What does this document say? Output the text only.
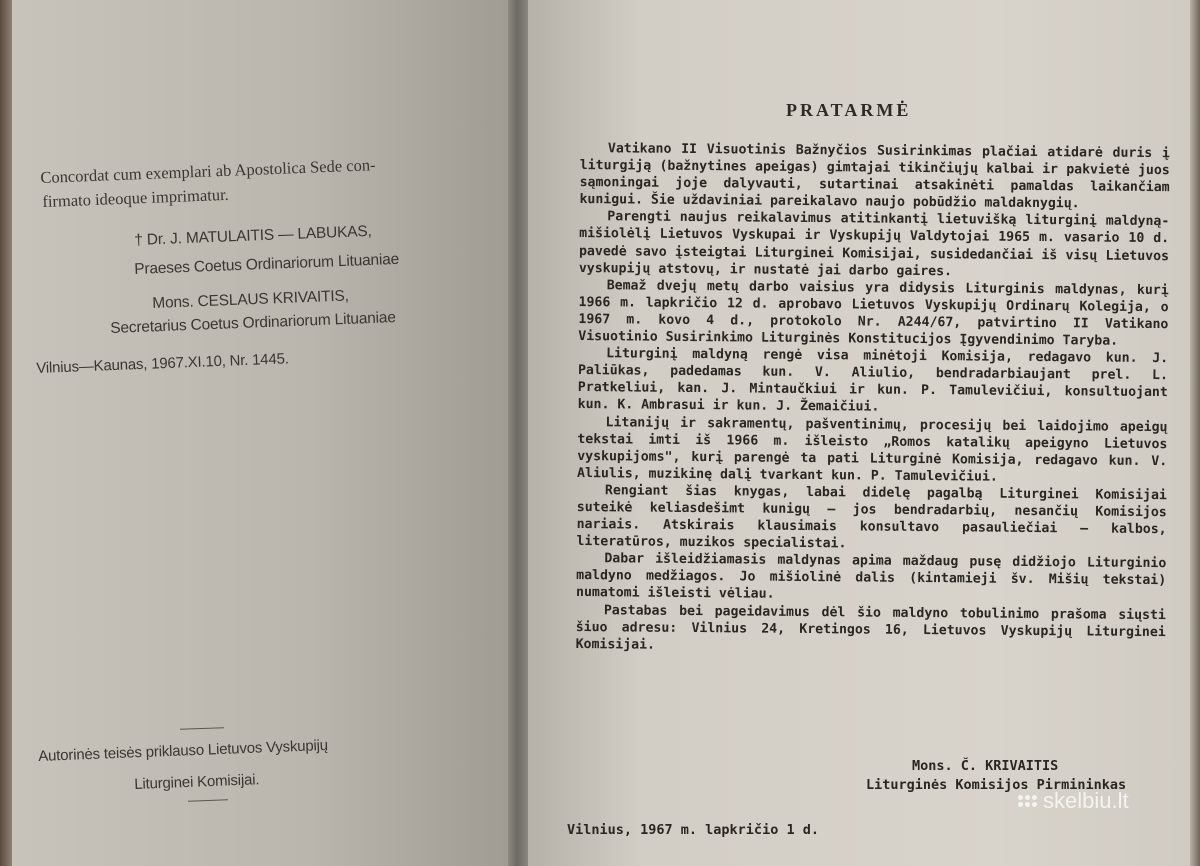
Concordat cum exemplari ab Apostolica Sede con-
firmato ideoque imprimatur.
† Dr. J. MATULAITIS — LABUKAS,
Praeses Coetus Ordinariorum Lituaniae
Mons. CESLAUS KRIVAITIS,
Secretarius Coetus Ordinariorum Lituaniae
Vilnius—Kaunas, 1967.XI.10, Nr. 1445.
Autorinės teisės priklauso Lietuvos Vyskupijų
Liturginei Komisijai.
PRATARMĖ

Vatikano II Visuotinis Bažnyčios Susirinkimas plačiai atidarė duris į liturgiją (bažnytines apeigas) gimtajai tikinčiųjų kalbai ir pakvietė juos sąmoningai joje dalyvauti, sutartinai atsakinėti pamaldas laikančiam kunigui. Šie uždaviniai pareikalavo naujo pobūdžio maldaknygių.

Parengti naujus reikalavimus atitinkantį lietuvišką liturginį maldyną-mišiolėlį Lietuvos Vyskupai ir Vyskupijų Valdytojai 1965 m. vasario 10 d. pavedė savo įsteigtai Liturginei Komisijai, susidedančiai iš visų Lietuvos vyskupijų atstovų, ir nustatė jai darbo gaires.

Bemaž dvejų metų darbo vaisius yra didysis Liturginis maldynas, kurį 1966 m. lapkričio 12 d. aprobavo Lietuvos Vyskupijų Ordinarų Kolegija, o 1967 m. kovo 4 d., protokolo Nr. A244/67, patvirtino II Vatikano Visuotinio Susirinkimo Liturginės Konstitucijos Įgyvendinimo Taryba.

Liturginį maldyną rengė visa minėtoji Komisija, redagavo kun. J. Paliūkas, padedamas kun. V. Aliulio, bendradarbiaujant prel. L. Pratkeliui, kan. J. Mintaučkiui ir kun. P. Tamulevičiui, konsultuojant kun. K. Ambrasui ir kun. J. Žemaičiui.

Litanijų ir sakramentų, pašventinimų, procesijų bei laidojimo apeigų tekstai imti iš 1966 m. išleisto „Romos katalikų apeigyno Lietuvos vyskupijoms", kurį parengė ta pati Liturginė Komisija, redagavo kun. V. Aliulis, muzikinę dalį tvarkant kun. P. Tamulevičiui.

Rengiant šias knygas, labai didelę pagalbą Liturginei Komisijai suteikė keliasdešimt kunigų — jos bendradarbių, nesančių Komisijos nariais. Atskirais klausimais konsultavo pasauliečiai — kalbos, literatūros, muzikos specialistai.

Dabar išleidžiamasis maldynas apima maždaug pusę didžiojo Liturginio maldyno medžiagos. Jo mišiolinė dalis (kintamieji šv. Mišių tekstai) numatomi išleisti vėliau.

Pastabas bei pageidavimus dėl šio maldyno tobulinimo prašoma siųsti šiuo adresu: Vilnius 24, Kretingos 16, Lietuvos Vyskupijų Liturginei Komisijai.

Mons. Č. KRIVAITIS
Liturginės Komisijos Pirmininkas
Vilnius, 1967 m. lapkričio 1 d.
skelbiu.lt
